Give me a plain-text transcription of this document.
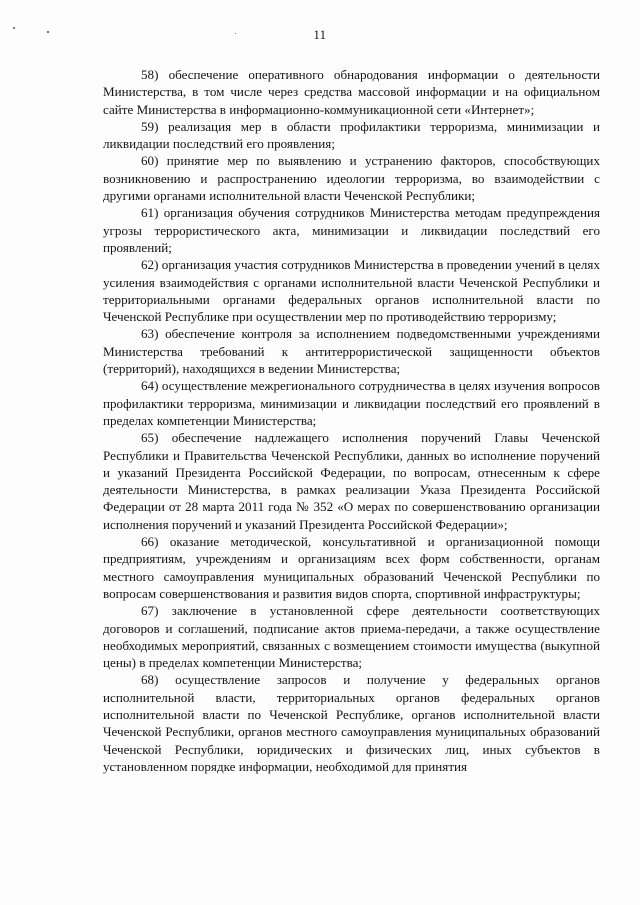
11

58) обеспечение оперативного обнародования информации о деятельности Министерства, в том числе через средства массовой информации и на официальном сайте Министерства в информационно-коммуникационной сети «Интернет»;

59) реализация мер в области профилактики терроризма, минимизации и ликвидации последствий его проявления;

60) принятие мер по выявлению и устранению факторов, способствующих возникновению и распространению идеологии терроризма, во взаимодействии с другими органами исполнительной власти Чеченской Республики;

61) организация обучения сотрудников Министерства методам предупреждения угрозы террористического акта, минимизации и ликвидации последствий его проявлений;

62) организация участия сотрудников Министерства в проведении учений в целях усиления взаимодействия с органами исполнительной власти Чеченской Республики и территориальными органами федеральных органов исполнительной власти по Чеченской Республике при осуществлении мер по противодействию терроризму;

63) обеспечение контроля за исполнением подведомственными учреждениями Министерства требований к антитеррористической защищенности объектов (территорий), находящихся в ведении Министерства;

64) осуществление межрегионального сотрудничества в целях изучения вопросов профилактики терроризма, минимизации и ликвидации последствий его проявлений в пределах компетенции Министерства;

65) обеспечение надлежащего исполнения поручений Главы Чеченской Республики и Правительства Чеченской Республики, данных во исполнение поручений и указаний Президента Российской Федерации, по вопросам, отнесенным к сфере деятельности Министерства, в рамках реализации Указа Президента Российской Федерации от 28 марта 2011 года № 352 «О мерах по совершенствованию организации исполнения поручений и указаний Президента Российской Федерации»;

66) оказание методической, консультативной и организационной помощи предприятиям, учреждениям и организациям всех форм собственности, органам местного самоуправления муниципальных образований Чеченской Республики по вопросам совершенствования и развития видов спорта, спортивной инфраструктуры;

67) заключение в установленной сфере деятельности соответствующих договоров и соглашений, подписание актов приема-передачи, а также осуществление необходимых мероприятий, связанных с возмещением стоимости имущества (выкупной цены) в пределах компетенции Министерства;

68) осуществление запросов и получение у федеральных органов исполнительной власти, территориальных органов федеральных органов исполнительной власти по Чеченской Республике, органов исполнительной власти Чеченской Республики, органов местного самоуправления муниципальных образований Чеченской Республики, юридических и физических лиц, иных субъектов в установленном порядке информации, необходимой для принятия
